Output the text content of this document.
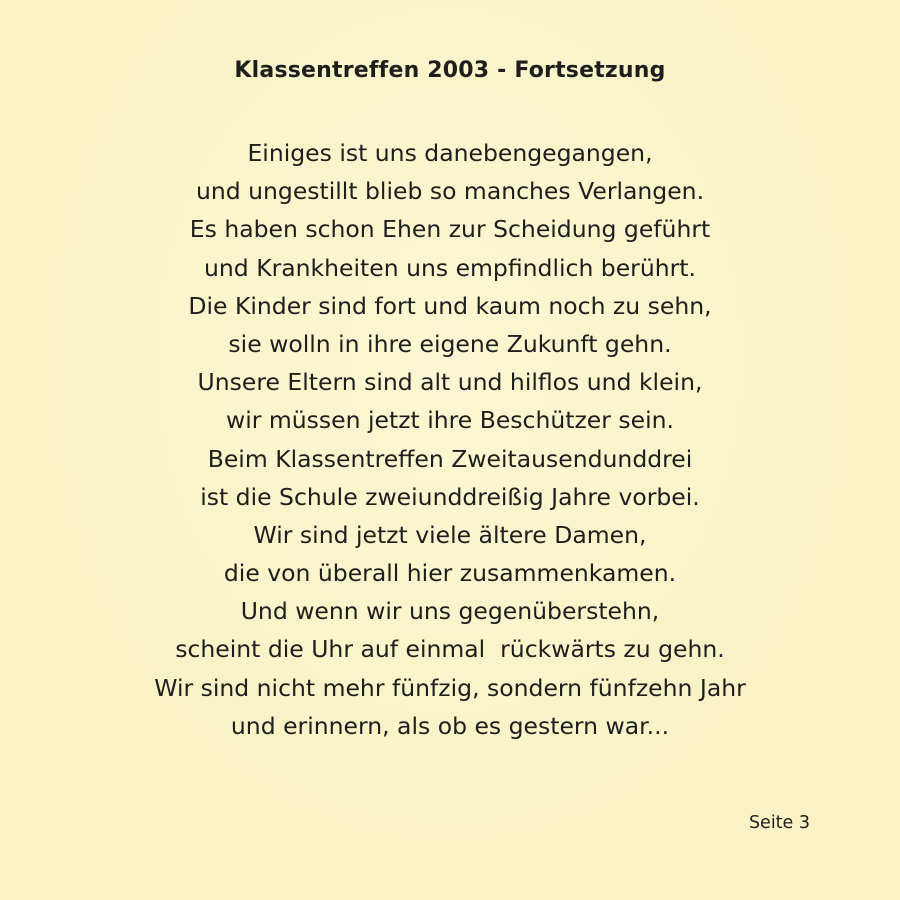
Klassentreffen 2003 - Fortsetzung
Einiges ist uns danebengegangen,
und ungestillt blieb so manches Verlangen.
Es haben schon Ehen zur Scheidung geführt
und Krankheiten uns empfindlich berührt.
Die Kinder sind fort und kaum noch zu sehn,
sie wolln in ihre eigene Zukunft gehn.
Unsere Eltern sind alt und hilflos und klein,
wir müssen jetzt ihre Beschützer sein.
Beim Klassentreffen Zweitausendunddrei
ist die Schule zweiunddreißig Jahre vorbei.
Wir sind jetzt viele ältere Damen,
die von überall hier zusammenkamen.
Und wenn wir uns gegenüberstehn,
scheint die Uhr auf einmal  rückwärts zu gehn.
Wir sind nicht mehr fünfzig, sondern fünfzehn Jahr
und erinnern, als ob es gestern war...
Seite 3
